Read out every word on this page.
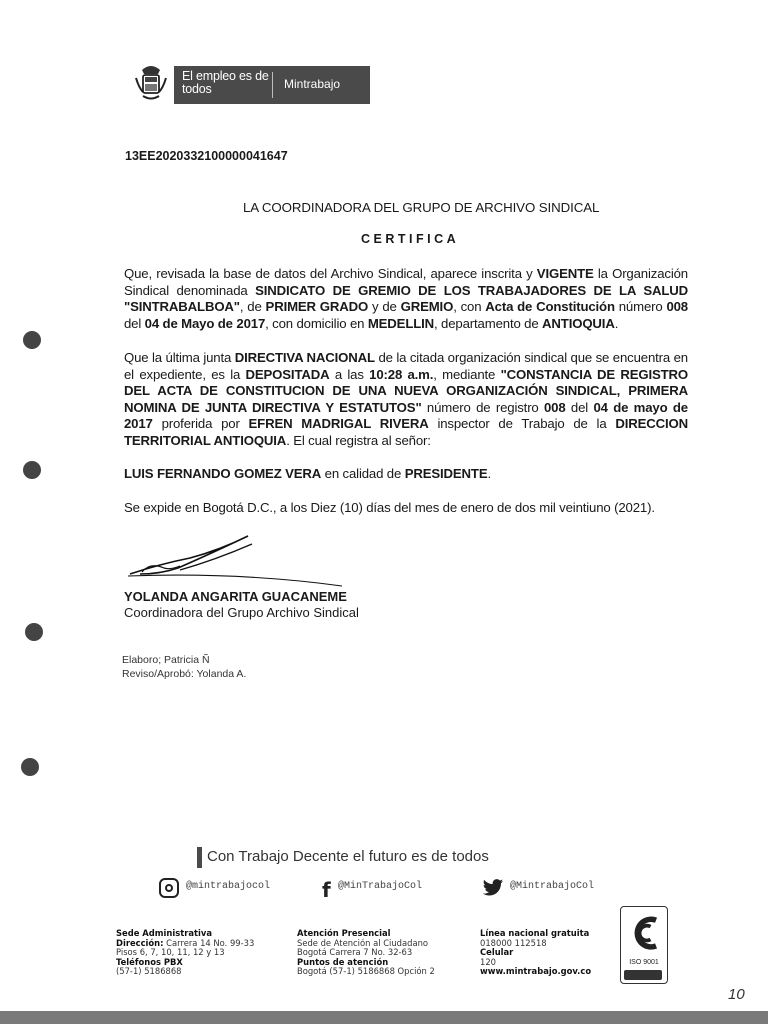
El empleo es de todos	Mintrabajo
13EE2020332100000041647
LA COORDINADORA DEL GRUPO DE ARCHIVO SINDICAL
CERTIFICA
Que, revisada la base de datos del Archivo Sindical, aparece inscrita y VIGENTE la Organización Sindical denominada SINDICATO DE GREMIO DE LOS TRABAJADORES DE LA SALUD "SINTRABALBOA", de PRIMER GRADO y de GREMIO, con Acta de Constitución número 008 del 04 de Mayo de 2017, con domicilio en MEDELLIN, departamento de ANTIOQUIA.
Que la última junta DIRECTIVA NACIONAL de la citada organización sindical que se encuentra en el expediente, es la DEPOSITADA a las 10:28 a.m., mediante "CONSTANCIA DE REGISTRO DEL ACTA DE CONSTITUCION DE UNA NUEVA ORGANIZACIÓN SINDICAL, PRIMERA NOMINA DE JUNTA DIRECTIVA Y ESTATUTOS" número de registro 008 del 04 de mayo de 2017 proferida por EFREN MADRIGAL RIVERA inspector de Trabajo de la DIRECCION TERRITORIAL ANTIOQUIA. El cual registra al señor:
LUIS FERNANDO GOMEZ VERA en calidad de PRESIDENTE.
Se expide en Bogotá D.C., a los Diez (10) días del mes de enero de dos mil veintiuno (2021).
YOLANDA ANGARITA GUACANEME
Coordinadora del Grupo Archivo Sindical
Elaboro; Patricia Ñ
Reviso/Aprobó: Yolanda A.
Con Trabajo Decente el futuro es de todos
@mintrabajocol	f @MinTrabajoCol	@MintrabajoCol
Sede Administrativa
Dirección: Carrera 14 No. 99-33
Pisos 6, 7, 10, 11, 12 y 13
Teléfonos PBX
(57-1) 5186868
Atención Presencial
Sede de Atención al Ciudadano
Bogotá Carrera 7 No. 32-63
Puntos de atención
Bogotá (57-1) 5186868 Opción 2
Línea nacional gratuita
018000 112518
Celular
120
www.mintrabajo.gov.co
ISO 9001
10
